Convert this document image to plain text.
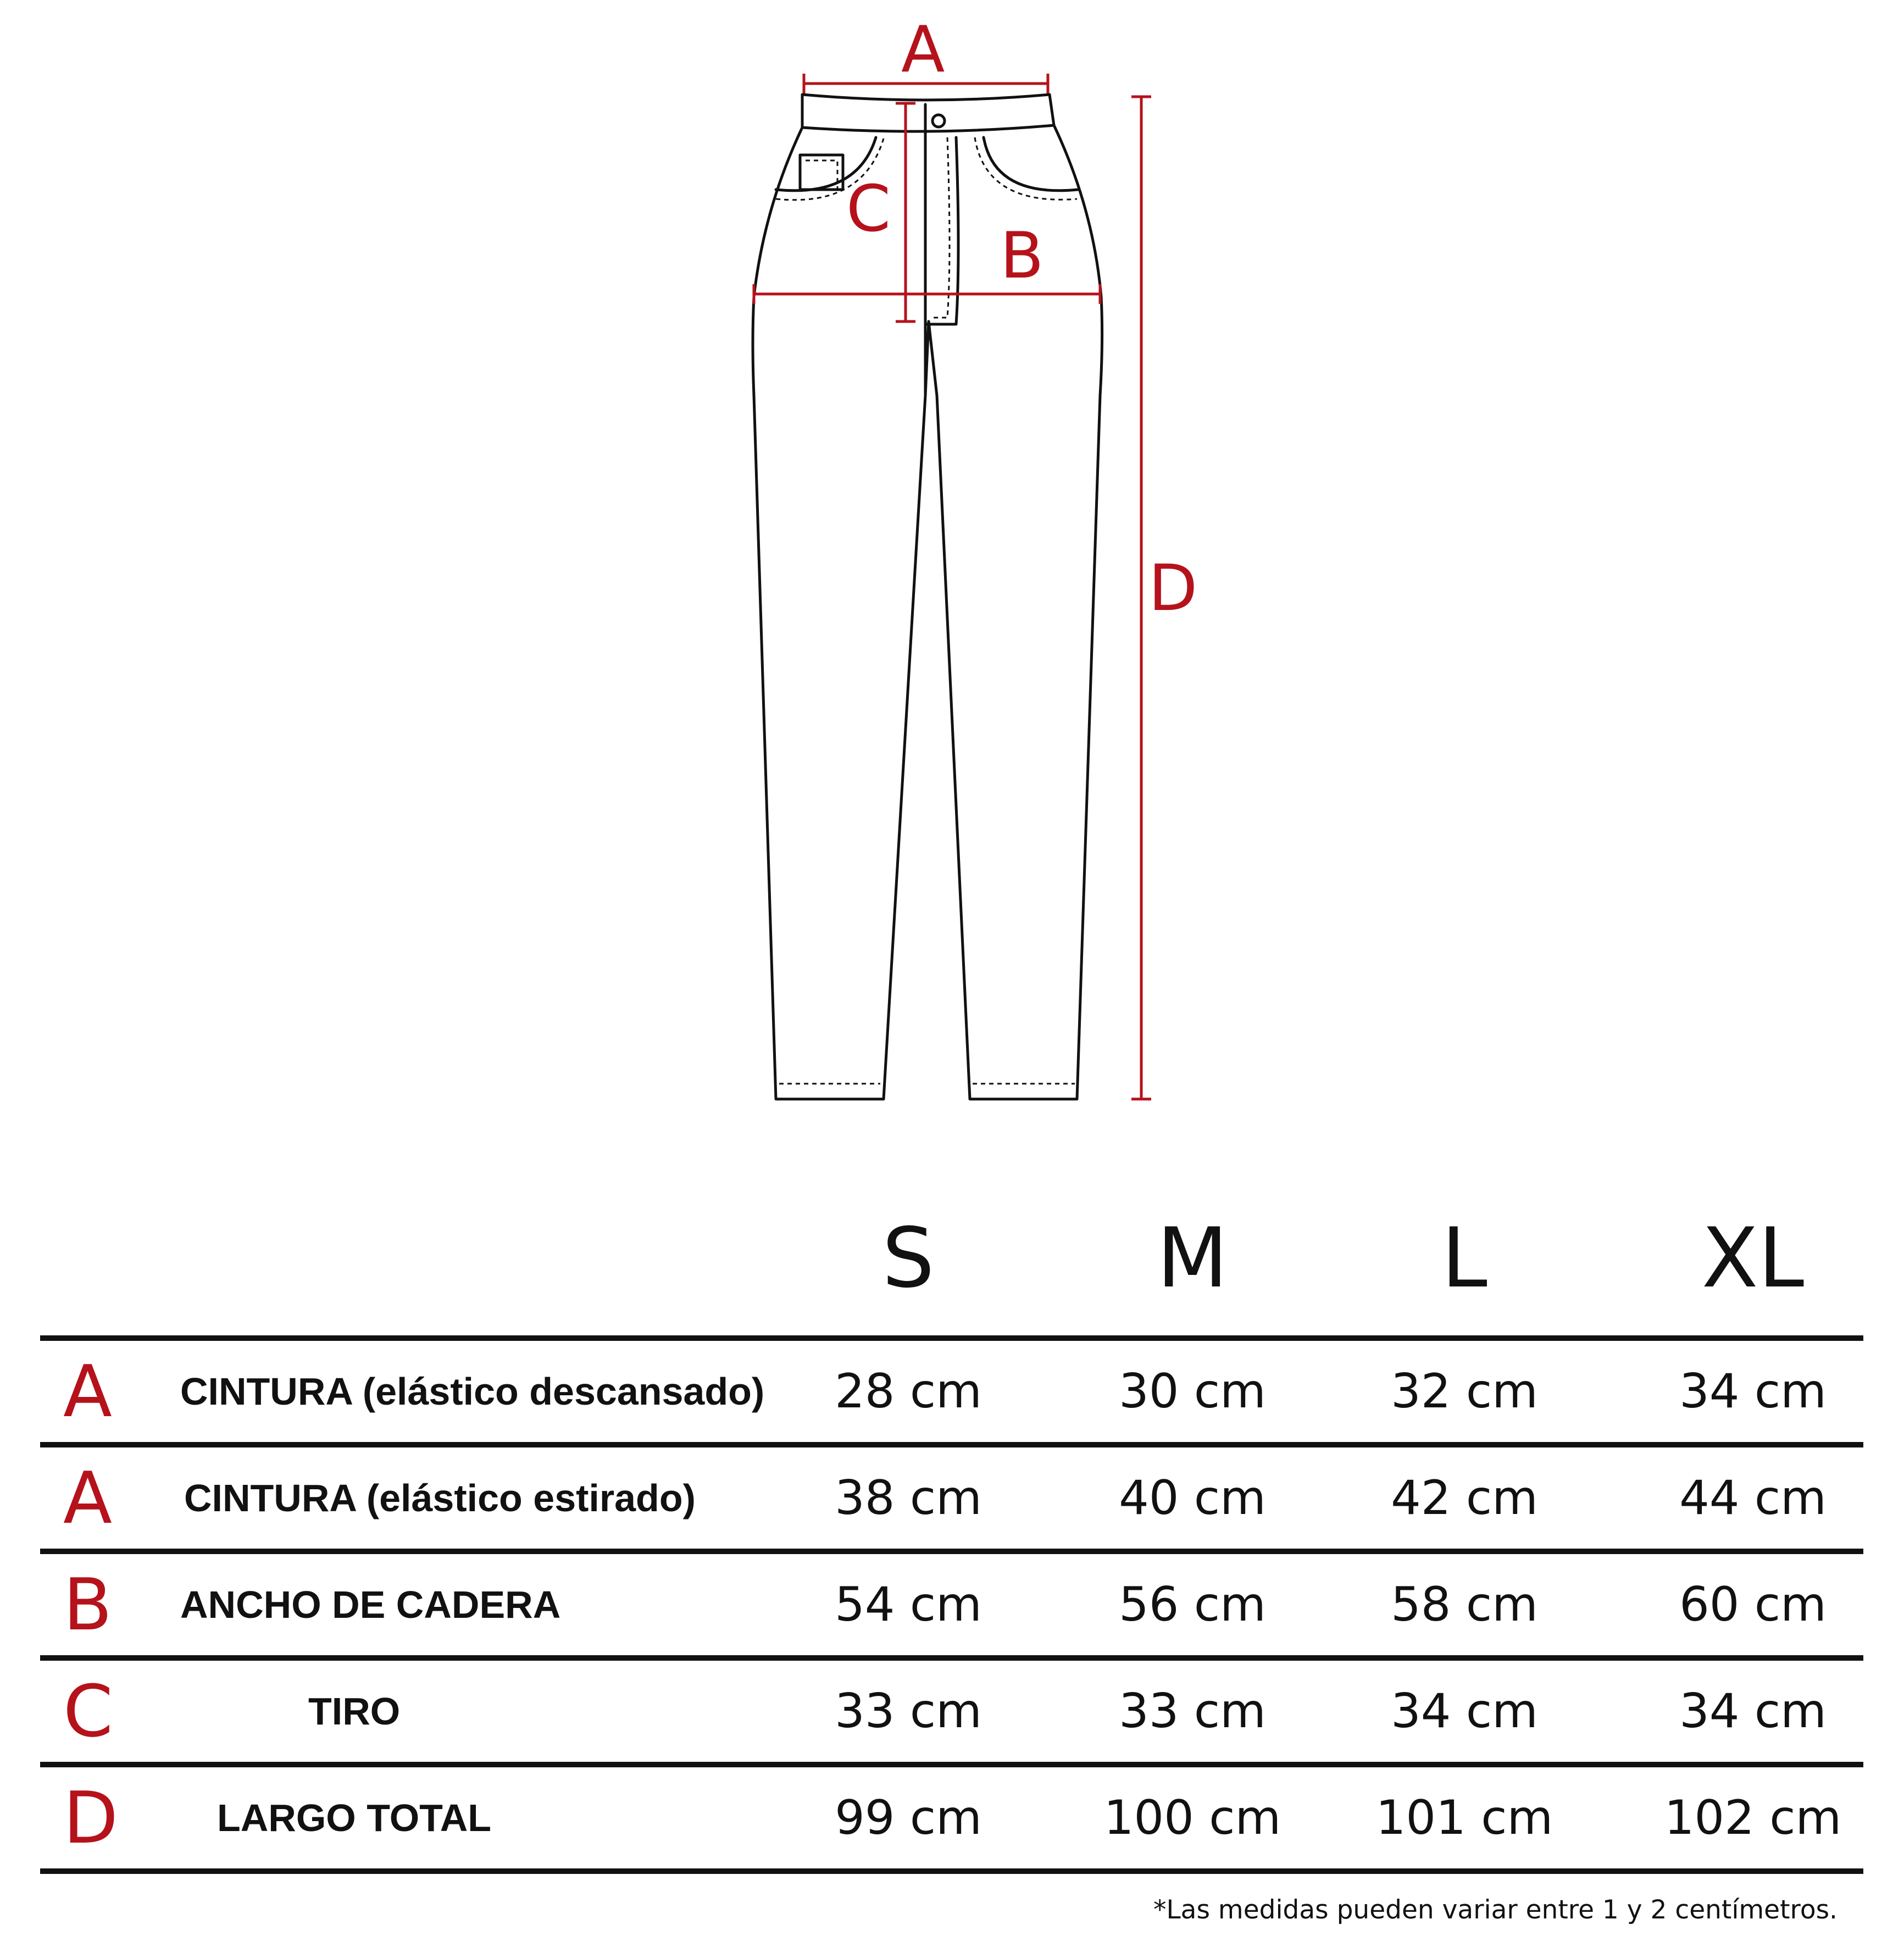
A
B
C
D
S	M	L	XL
A	CINTURA (elástico descansado)	28 cm	30 cm	32 cm	34 cm
A	CINTURA (elástico estirado)	38 cm	40 cm	42 cm	44 cm
B	ANCHO DE CADERA	54 cm	56 cm	58 cm	60 cm
C	TIRO	33 cm	33 cm	34 cm	34 cm
D	LARGO TOTAL	99 cm	100 cm	101 cm	102 cm
*Las medidas pueden variar entre 1 y 2 centímetros.
